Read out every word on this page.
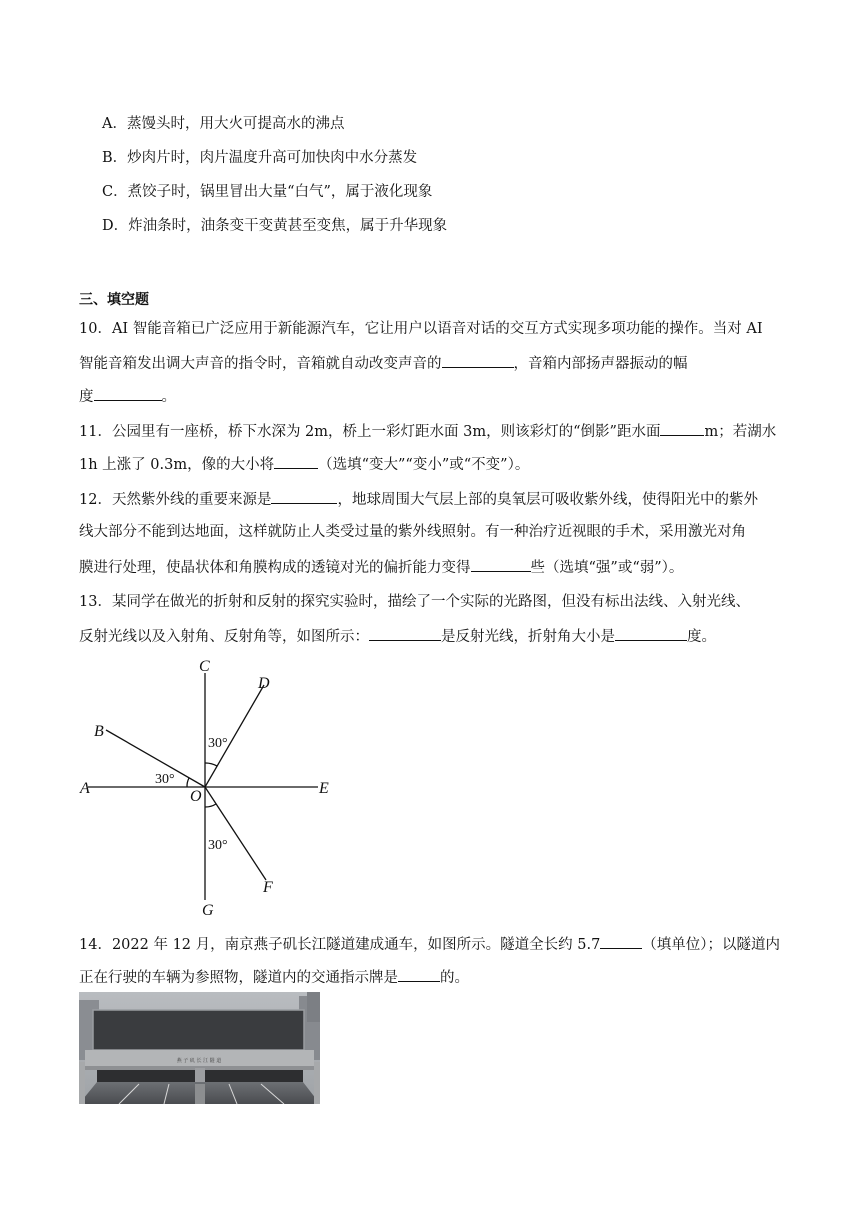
A．蒸馒头时，用大火可提高水的沸点
B．炒肉片时，肉片温度升高可加快肉中水分蒸发
C．煮饺子时，锅里冒出大量“白气”，属于液化现象
D．炸油条时，油条变干变黄甚至变焦，属于升华现象
三、填空题
10．AI 智能音箱已广泛应用于新能源汽车，它让用户以语音对话的交互方式实现多项功能的操作。当对 AI
智能音箱发出调大声音的指令时，音箱就自动改变声音的	，音箱内部扬声器振动的幅
度	。
11．公园里有一座桥，桥下水深为 2m，桥上一彩灯距水面 3m，则该彩灯的“倒影”距水面	m；若湖水
1h 上涨了 0.3m，像的大小将	（选填“变大”“变小”或“不变”）。
12．天然紫外线的重要来源是	，地球周围大气层上部的臭氧层可吸收紫外线，使得阳光中的紫外
线大部分不能到达地面，这样就防止人类受过量的紫外线照射。有一种治疗近视眼的手术，采用激光对角
膜进行处理，使晶状体和角膜构成的透镜对光的偏折能力变得	些（选填“强”或“弱”）。
13．某同学在做光的折射和反射的探究实验时，描绘了一个实际的光路图，但没有标出法线、入射光线、
反射光线以及入射角、反射角等，如图所示：	是反射光线，折射角大小是	度。
C
D
B
A	O	E
F
G
30°
30°
30°
14．2022 年 12 月，南京燕子矶长江隧道建成通车，如图所示。隧道全长约 5.7	（填单位）；以隧道内
正在行驶的车辆为参照物，隧道内的交通指示牌是	的。
燕 子 矶 长 江 隧 道
